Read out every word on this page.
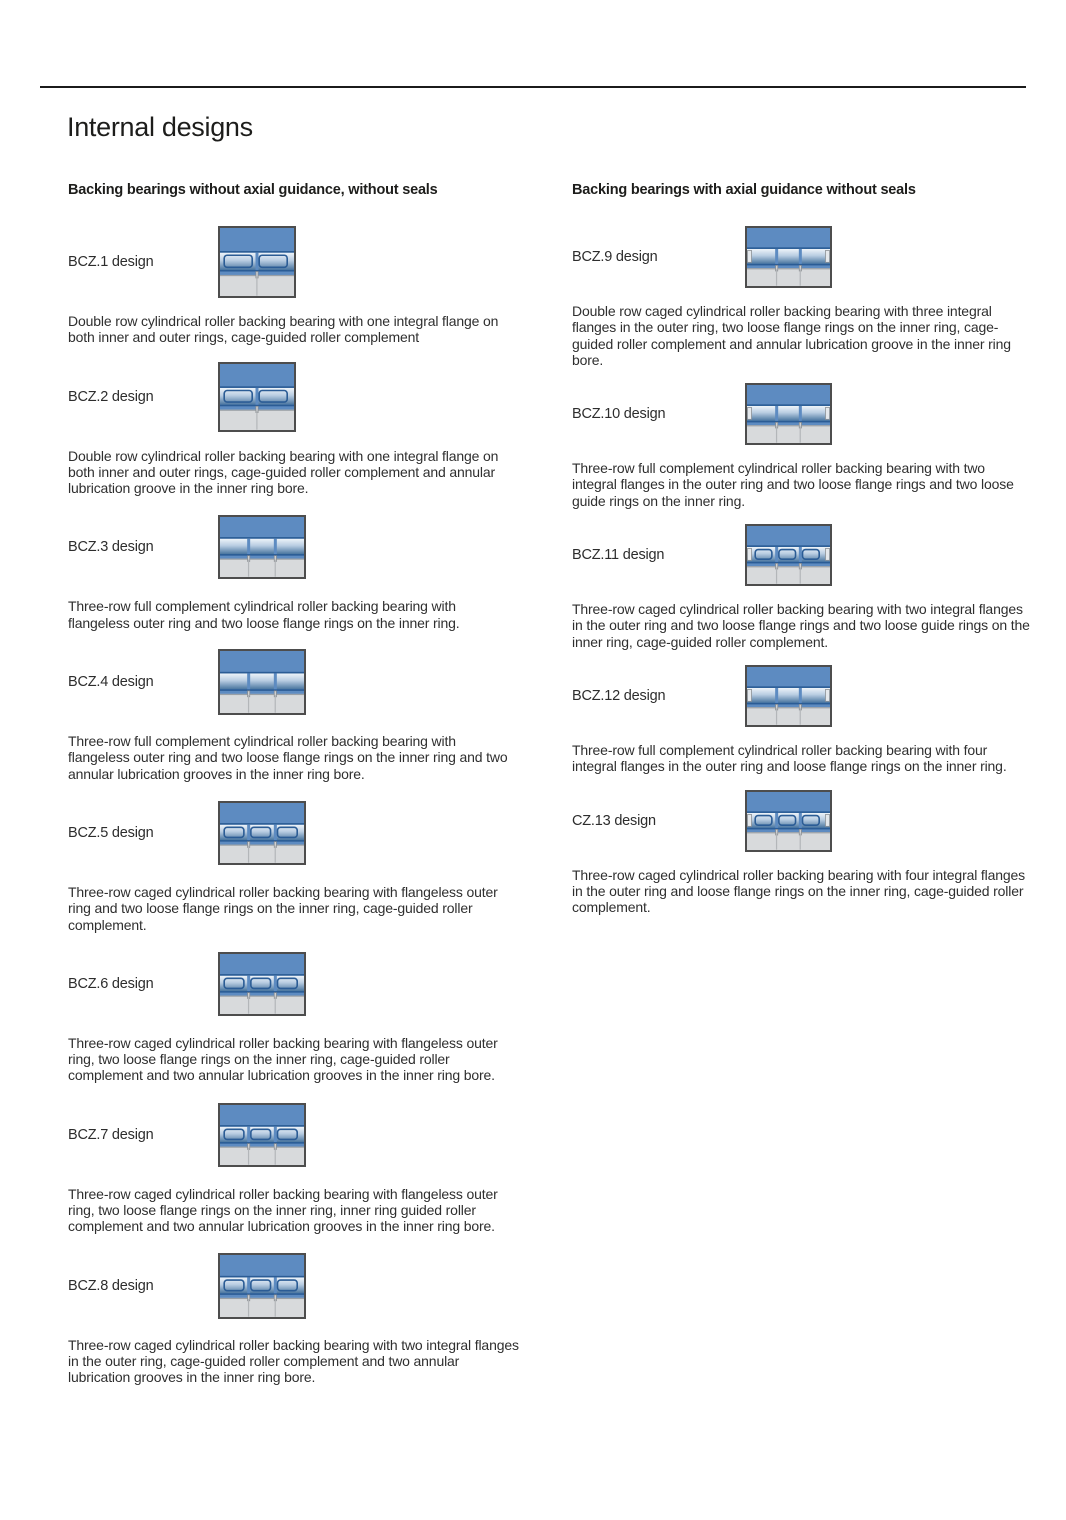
Internal designs

Backing bearings without axial guidance, without seals

BCZ.1 design

Double row cylindrical roller backing bearing with one integral flange on both inner and outer rings, cage-guided roller complement

BCZ.2 design

Double row cylindrical roller backing bearing with one integral flange on both inner and outer rings, cage-guided roller complement and annular lubrication groove in the inner ring bore.

BCZ.3 design

Three-row full complement cylindrical roller backing bearing with flangeless outer ring and two loose flange rings on the inner ring.

BCZ.4 design

Three-row full complement cylindrical roller backing bearing with flangeless outer ring and two loose flange rings on the inner ring and two annular lubrication grooves in the inner ring bore.

BCZ.5 design

Three-row caged cylindrical roller backing bearing with flangeless outer ring and two loose flange rings on the inner ring, cage-guided roller complement.

BCZ.6 design

Three-row caged cylindrical roller backing bearing with flangeless outer ring, two loose flange rings on the inner ring, cage-guided roller complement and two annular lubrication grooves in the inner ring bore.

BCZ.7 design

Three-row caged cylindrical roller backing bearing with flangeless outer ring, two loose flange rings on the inner ring, inner ring guided roller complement and two annular lubrication grooves in the inner ring bore.

BCZ.8 design

Three-row caged cylindrical roller backing bearing with two integral flanges in the outer ring, cage-guided roller complement and two annular lubrication grooves in the inner ring bore.

Backing bearings with axial guidance without seals

BCZ.9 design

Double row caged cylindrical roller backing bearing with three integral flanges in the outer ring, two loose flange rings on the inner ring, cage-guided roller complement and annular lubrication groove in the inner ring bore.

BCZ.10 design

Three-row full complement cylindrical roller backing bearing with two integral flanges in the outer ring and two loose flange rings and two loose guide rings on the inner ring.

BCZ.11 design

Three-row caged cylindrical roller backing bearing with two integral flanges in the outer ring and two loose flange rings and two loose guide rings on the inner ring, cage-guided roller complement.

BCZ.12 design

Three-row full complement cylindrical roller backing bearing with four integral flanges in the outer ring and loose flange rings on the inner ring.

CZ.13 design

Three-row caged cylindrical roller backing bearing with four integral flanges in the outer ring and loose flange rings on the inner ring, cage-guided roller complement.
